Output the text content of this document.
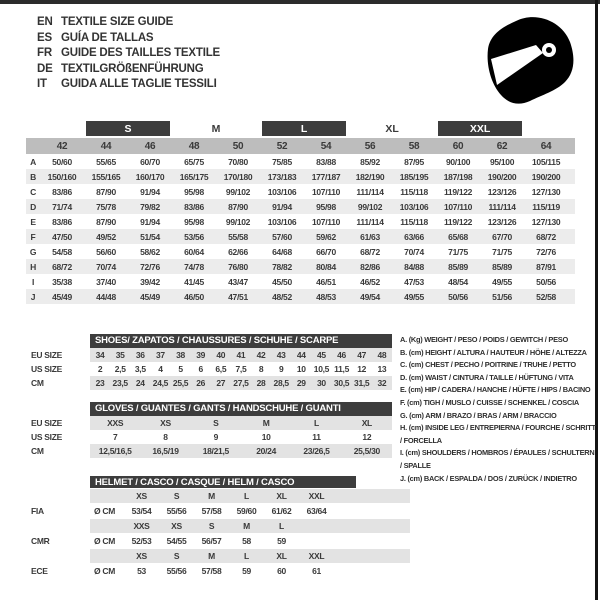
EN TEXTILE SIZE GUIDE
ES GUÍA DE TALLAS
FR GUIDE DES TAILLES TEXTILE
DE TEXTILGRÖßENFÜHRUNG
IT	GUIDA ALLE TAGLIE TESSILI

S		M		L		XL		XXL			

	42	44	46	48	50	52	54	56	58	60	62	64	
A	50/60	55/65	60/70	65/75	70/80	75/85	83/88	85/92	87/95	90/100	95/100	105/115	
B	150/160	155/165	160/170	165/175	170/180	173/183	177/187	182/190	185/195	187/198	190/200	190/200	
C	83/86	87/90	91/94	95/98	99/102	103/106	107/110	111/114	115/118	119/122	123/126	127/130	
D	71/74	75/78	79/82	83/86	87/90	91/94	95/98	99/102	103/106	107/110	111/114	115/119	
E	83/86	87/90	91/94	95/98	99/102	103/106	107/110	111/114	115/118	119/122	123/126	127/130	
F	47/50	49/52	51/54	53/56	55/58	57/60	59/62	61/63	63/66	65/68	67/70	68/72	
G	54/58	56/60	58/62	60/64	62/66	64/68	66/70	68/72	70/74	71/75	71/75	72/76	
H	68/72	70/74	72/76	74/78	76/80	78/82	80/84	82/86	84/88	85/89	85/89	87/91	
I	35/38	37/40	39/42	41/45	43/47	45/50	46/51	46/52	47/53	48/54	49/55	50/56	
J	45/49	44/48	45/49	46/50	47/51	48/52	48/53	49/54	49/55	50/56	51/56	52/58	

	SHOES/ ZAPATOS / CHAUSSURES / SCHUHE / SCARPE														

EU SIZE	34	35	36	37	38	39	40	41	42	43	44	45	46	47	48
US SIZE	2	2,5	3,5	4	5	6	6,5	7,5	8	9	10	10,5	11,5	12	13
CM	23	23,5	24	24,5	25,5	26	27	27,5	28	28,5	29	30	30,5	31,5	32

	GLOVES / GUANTES / GANTS / HANDSCHUHE / GUANTI					

EU SIZE	XXS	XS	S	M	L	XL
US SIZE	7	8	9	10	11	12
CM	12,5/16,5	16,5/19	18/21,5	20/24	23/26,5	25,5/30

	HELMET / CASCO / CASQUE / HELM / CASCO							

		XS	S	M	L	XL	XXL	
FIA	Ø CM	53/54	55/56	57/58	59/60	61/62	63/64	
		XXS	XS	S	M	L		
CMR	Ø CM	52/53	54/55	56/57	58	59		
		XS	S	M	L	XL	XXL	
ECE	Ø CM	53	55/56	57/58	59	60	61	
A. (Kg) WEIGHT / PESO / POIDS / GEWITCH / PESO
B. (cm) HEIGHT / ALTURA / HAUTEUR / HÖHE / ALTEZZA
C. (cm) CHEST / PECHO / POITRINE / TRUHE / PETTO
D. (cm) WAIST / CINTURA / TAILLE / HÜFTUNG / VITA
E. (cm) HIP / CADERA / HANCHE / HÜFTE / HIPS / BACINO
F. (cm) TIGH / MUSLO / CUISSE / SCHENKEL / COSCIA
G. (cm) ARM / BRAZO / BRAS / ARM / BRACCIO
H. (cm) INSIDE LEG / ENTREPIERNA / FOURCHE / SCHRITT / FORCELLA
I. (cm) SHOULDERS / HOMBROS / ÉPAULES / SCHULTERN / SPALLE
J. (cm) BACK / ESPALDA / DOS / ZURÜCK / INDIETRO
